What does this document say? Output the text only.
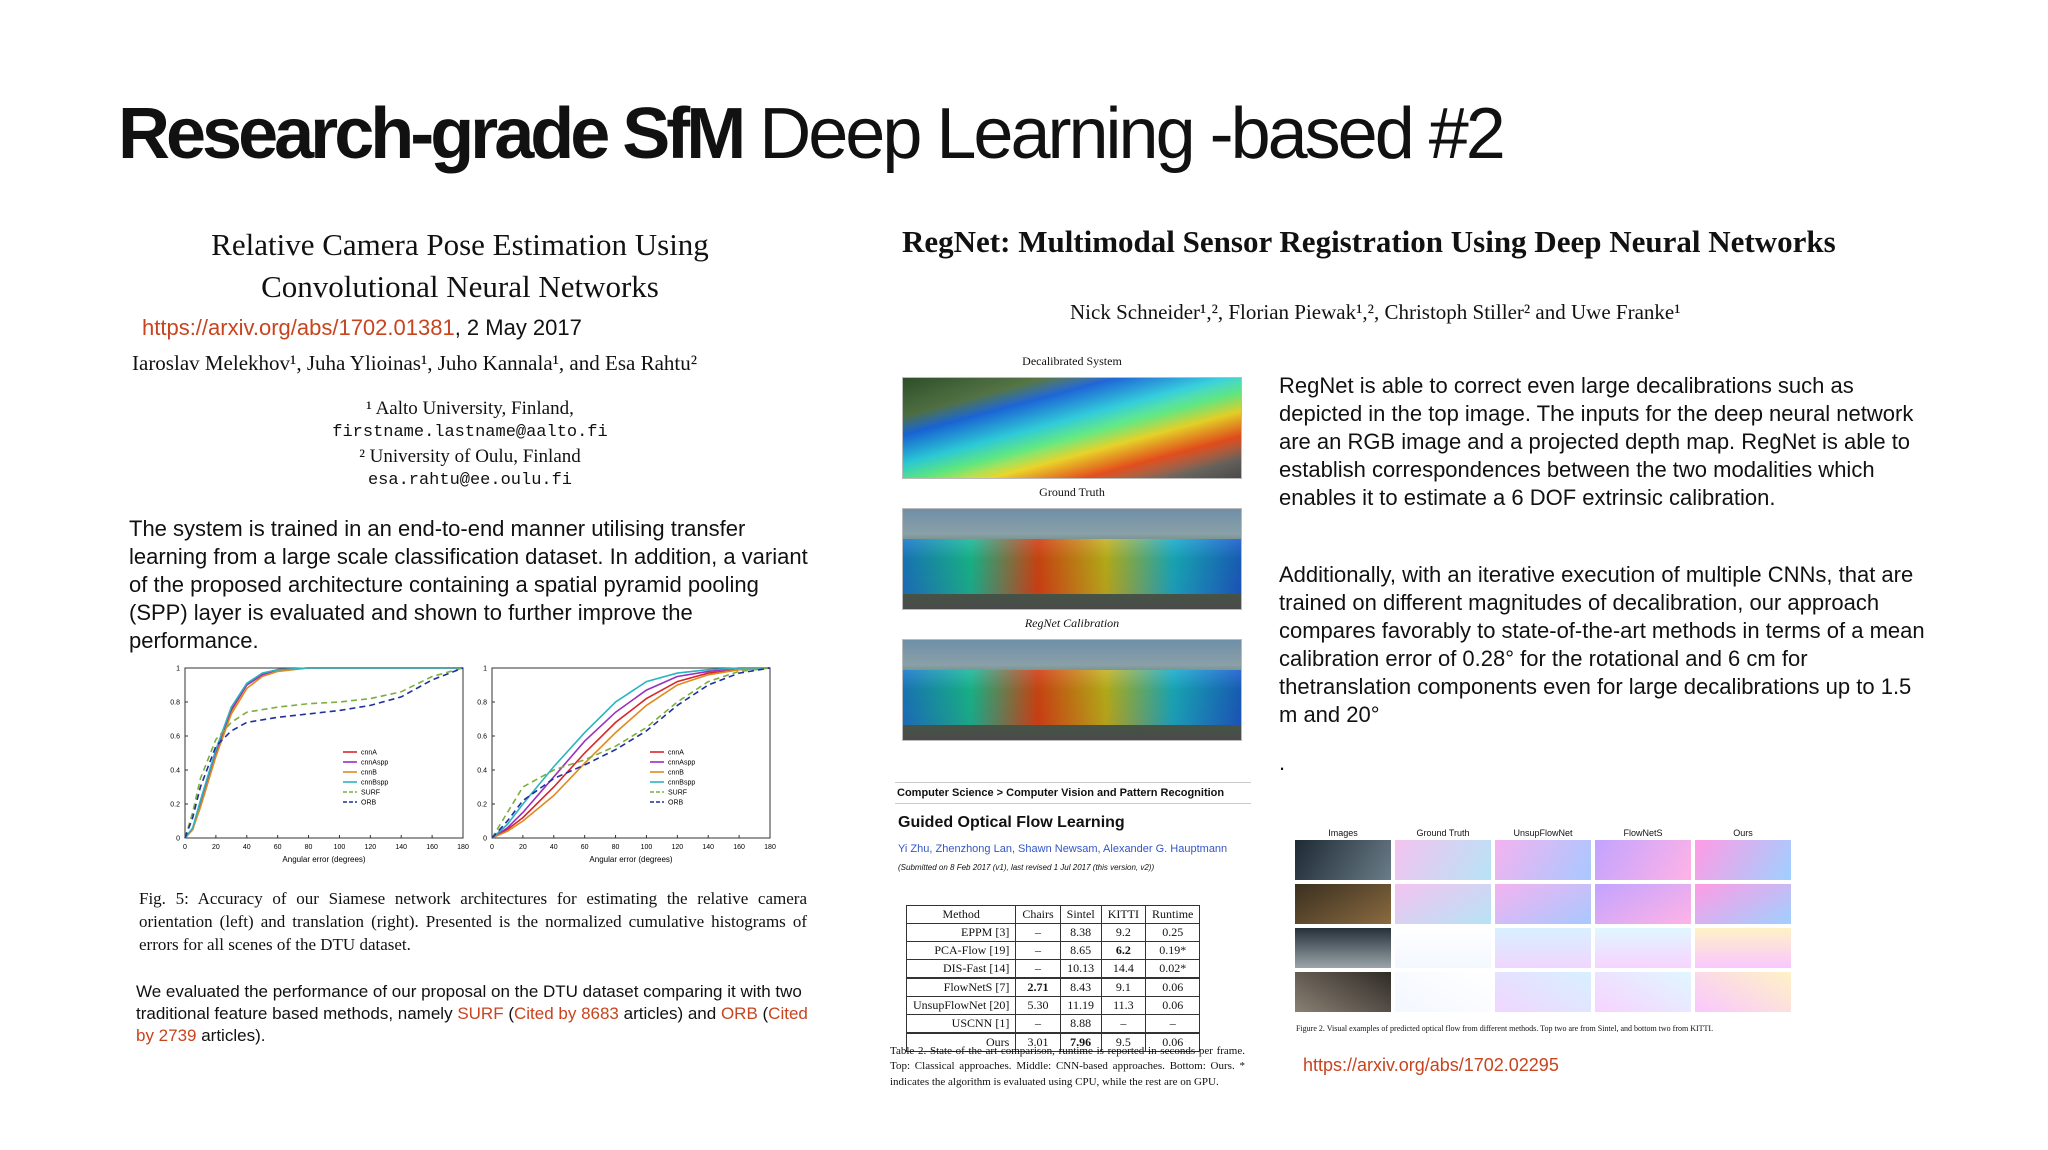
Research-grade SfM Deep Learning -based #2
Relative Camera Pose Estimation Using
Convolutional Neural Networks
https://arxiv.org/abs/1702.01381, 2 May 2017
Iaroslav Melekhov¹, Juha Ylioinas¹, Juho Kannala¹, and Esa Rahtu²
¹ Aalto University, Finland,
firstname.lastname@aalto.fi
² University of Oulu, Finland
esa.rahtu@ee.oulu.fi
The system is trained in an end-to-end manner utilising transfer learning from a large scale classification dataset. In addition, a variant of the proposed architecture containing a spatial pyramid pooling (SPP) layer is evaluated and shown to further improve the performance.
0	20	40	60	80	100	120	140	160	180
0
0.2
0.4
0.6
0.8
1
Angular error (degrees)
cnnA
cnnAspp
cnnB
cnnBspp
SURF
ORB
0	20	40	60	80	100	120	140	160	180
0
0.2
0.4
0.6
0.8
1
Angular error (degrees)
cnnA
cnnAspp
cnnB
cnnBspp
SURF
ORB
Fig. 5: Accuracy of our Siamese network architectures for estimating the relative camera orientation (left) and translation (right). Presented is the normalized cumulative histograms of errors for all scenes of the DTU dataset.
We evaluated the performance of our proposal on the DTU dataset comparing it with two traditional feature based methods, namely SURF (Cited by 8683 articles) and ORB (Cited by 2739 articles).
RegNet: Multimodal Sensor Registration Using Deep Neural Networks
Nick Schneider¹,², Florian Piewak¹,², Christoph Stiller² and Uwe Franke¹
Decalibrated System
Ground Truth
RegNet Calibration
RegNet is able to correct even large decalibrations such as depicted in the top image. The inputs for the deep neural network are an RGB image and a projected depth map. RegNet is able to establish correspondences between the two modalities which enables it to estimate a 6 DOF extrinsic calibration.
Additionally, with an iterative execution of multiple CNNs, that are trained on different magnitudes of decalibration, our approach compares favorably to state-of-the-art methods in terms of a mean calibration error of 0.28° for the rotational and 6 cm for thetranslation components even for large decalibrations up to 1.5 m and 20°
.
Computer Science > Computer Vision and Pattern Recognition
Guided Optical Flow Learning
Yi Zhu, Zhenzhong Lan, Shawn Newsam, Alexander G. Hauptmann
(Submitted on 8 Feb 2017 (v1), last revised 1 Jul 2017 (this version, v2))
Method	Chairs	Sintel	KITTI	Runtime
EPPM [3]	–	8.38	9.2	0.25
PCA-Flow [19]	–	8.65	6.2	0.19*
DIS-Fast [14]	–	10.13	14.4	0.02*
FlowNetS [7]	2.71	8.43	9.1	0.06
UnsupFlowNet [20]	5.30	11.19	11.3	0.06
USCNN [1]	–	8.88	–	–
Ours	3.01	7.96	9.5	0.06
Table 2. State-of-the-art comparison, runtime is reported in seconds per frame. Top: Classical approaches. Middle: CNN-based approaches. Bottom: Ours. * indicates the algorithm is evaluated using CPU, while the rest are on GPU.
Images	Ground Truth	UnsupFlowNet	FlowNetS	Ours
Figure 2. Visual examples of predicted optical flow from different methods. Top two are from Sintel, and bottom two from KITTI.
https://arxiv.org/abs/1702.02295
